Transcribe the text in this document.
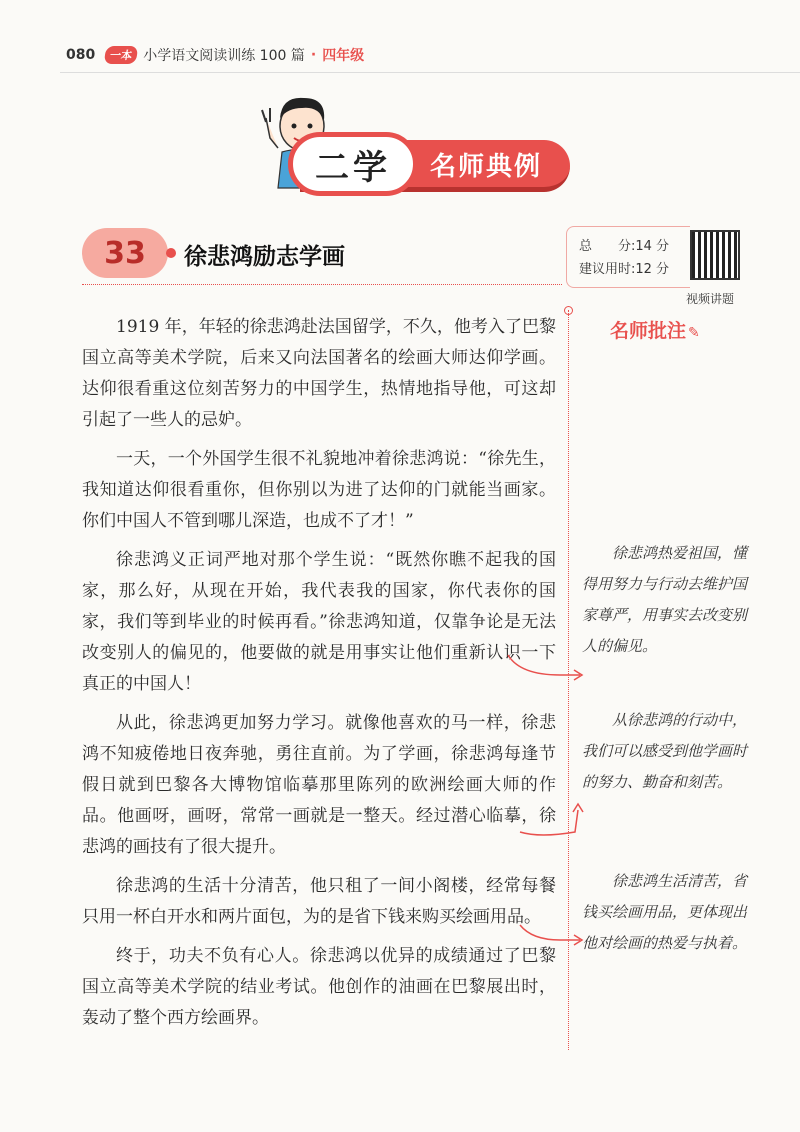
080	一本 小学语文阅读训练 100 篇 · 四年级
二学	名师典例
33	徐悲鸿励志学画	总　　分:14 分
建议用时:12 分
视频讲题
名师批注 ✎

1919 年，年轻的徐悲鸿赴法国留学，不久，他考入了巴黎国立高等美术学院，后来又向法国著名的绘画大师达仰学画。达仰很看重这位刻苦努力的中国学生，热情地指导他，可这却引起了一些人的忌妒。

一天，一个外国学生很不礼貌地冲着徐悲鸿说：“徐先生，我知道达仰很看重你，但你别以为进了达仰的门就能当画家。你们中国人不管到哪儿深造，也成不了才！”

徐悲鸿义正词严地对那个学生说：“既然你瞧不起我的国家，那么好，从现在开始，我代表我的国家，你代表你的国家，我们等到毕业的时候再看。”徐悲鸿知道，仅靠争论是无法改变别人的偏见的，他要做的就是用事实让他们重新认识一下真正的中国人！

从此，徐悲鸿更加努力学习。就像他喜欢的马一样，徐悲鸿不知疲倦地日夜奔驰，勇往直前。为了学画，徐悲鸿每逢节假日就到巴黎各大博物馆临摹那里陈列的欧洲绘画大师的作品。他画呀，画呀，常常一画就是一整天。经过潜心临摹，徐悲鸿的画技有了很大提升。

徐悲鸿的生活十分清苦，他只租了一间小阁楼，经常每餐只用一杯白开水和两片面包，为的是省下钱来购买绘画用品。

终于，功夫不负有心人。徐悲鸿以优异的成绩通过了巴黎国立高等美术学院的结业考试。他创作的油画在巴黎展出时，轰动了整个西方绘画界。

徐悲鸿热爱祖国，懂得用努力与行动去维护国家尊严，用事实去改变别人的偏见。
从徐悲鸿的行动中，我们可以感受到他学画时的努力、勤奋和刻苦。
徐悲鸿生活清苦，省钱买绘画用品，更体现出他对绘画的热爱与执着。
